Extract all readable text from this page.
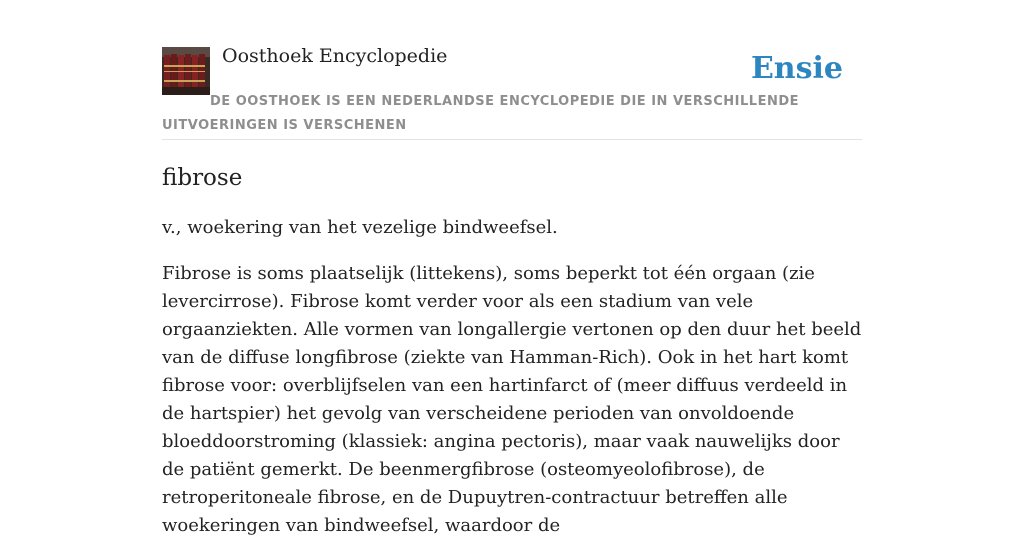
Oosthoek Encyclopedie	Ensie
DE OOSTHOEK IS EEN NEDERLANDSE ENCYCLOPEDIE DIE IN VERSCHILLENDE UITVOERINGEN IS VERSCHENEN
fibrose

v., woekering van het vezelige bindweefsel.

Fibrose is soms plaatselijk (littekens), soms beperkt tot één orgaan (zie levercirrose). Fibrose komt verder voor als een stadium van vele orgaanziekten. Alle vormen van longallergie vertonen op den duur het beeld van de diffuse longfibrose (ziekte van Hamman-Rich). Ook in het hart komt fibrose voor: overblijfselen van een hartinfarct of (meer diffuus verdeeld in de hartspier) het gevolg van verscheidene perioden van onvoldoende bloeddoorstroming (klassiek: angina pectoris), maar vaak nauwelijks door de patiënt gemerkt. De beenmergfibrose (osteomyeolofibrose), de retroperitoneale fibrose, en de Dupuytren-contractuur betreffen alle woekeringen van bindweefsel, waardoor de
